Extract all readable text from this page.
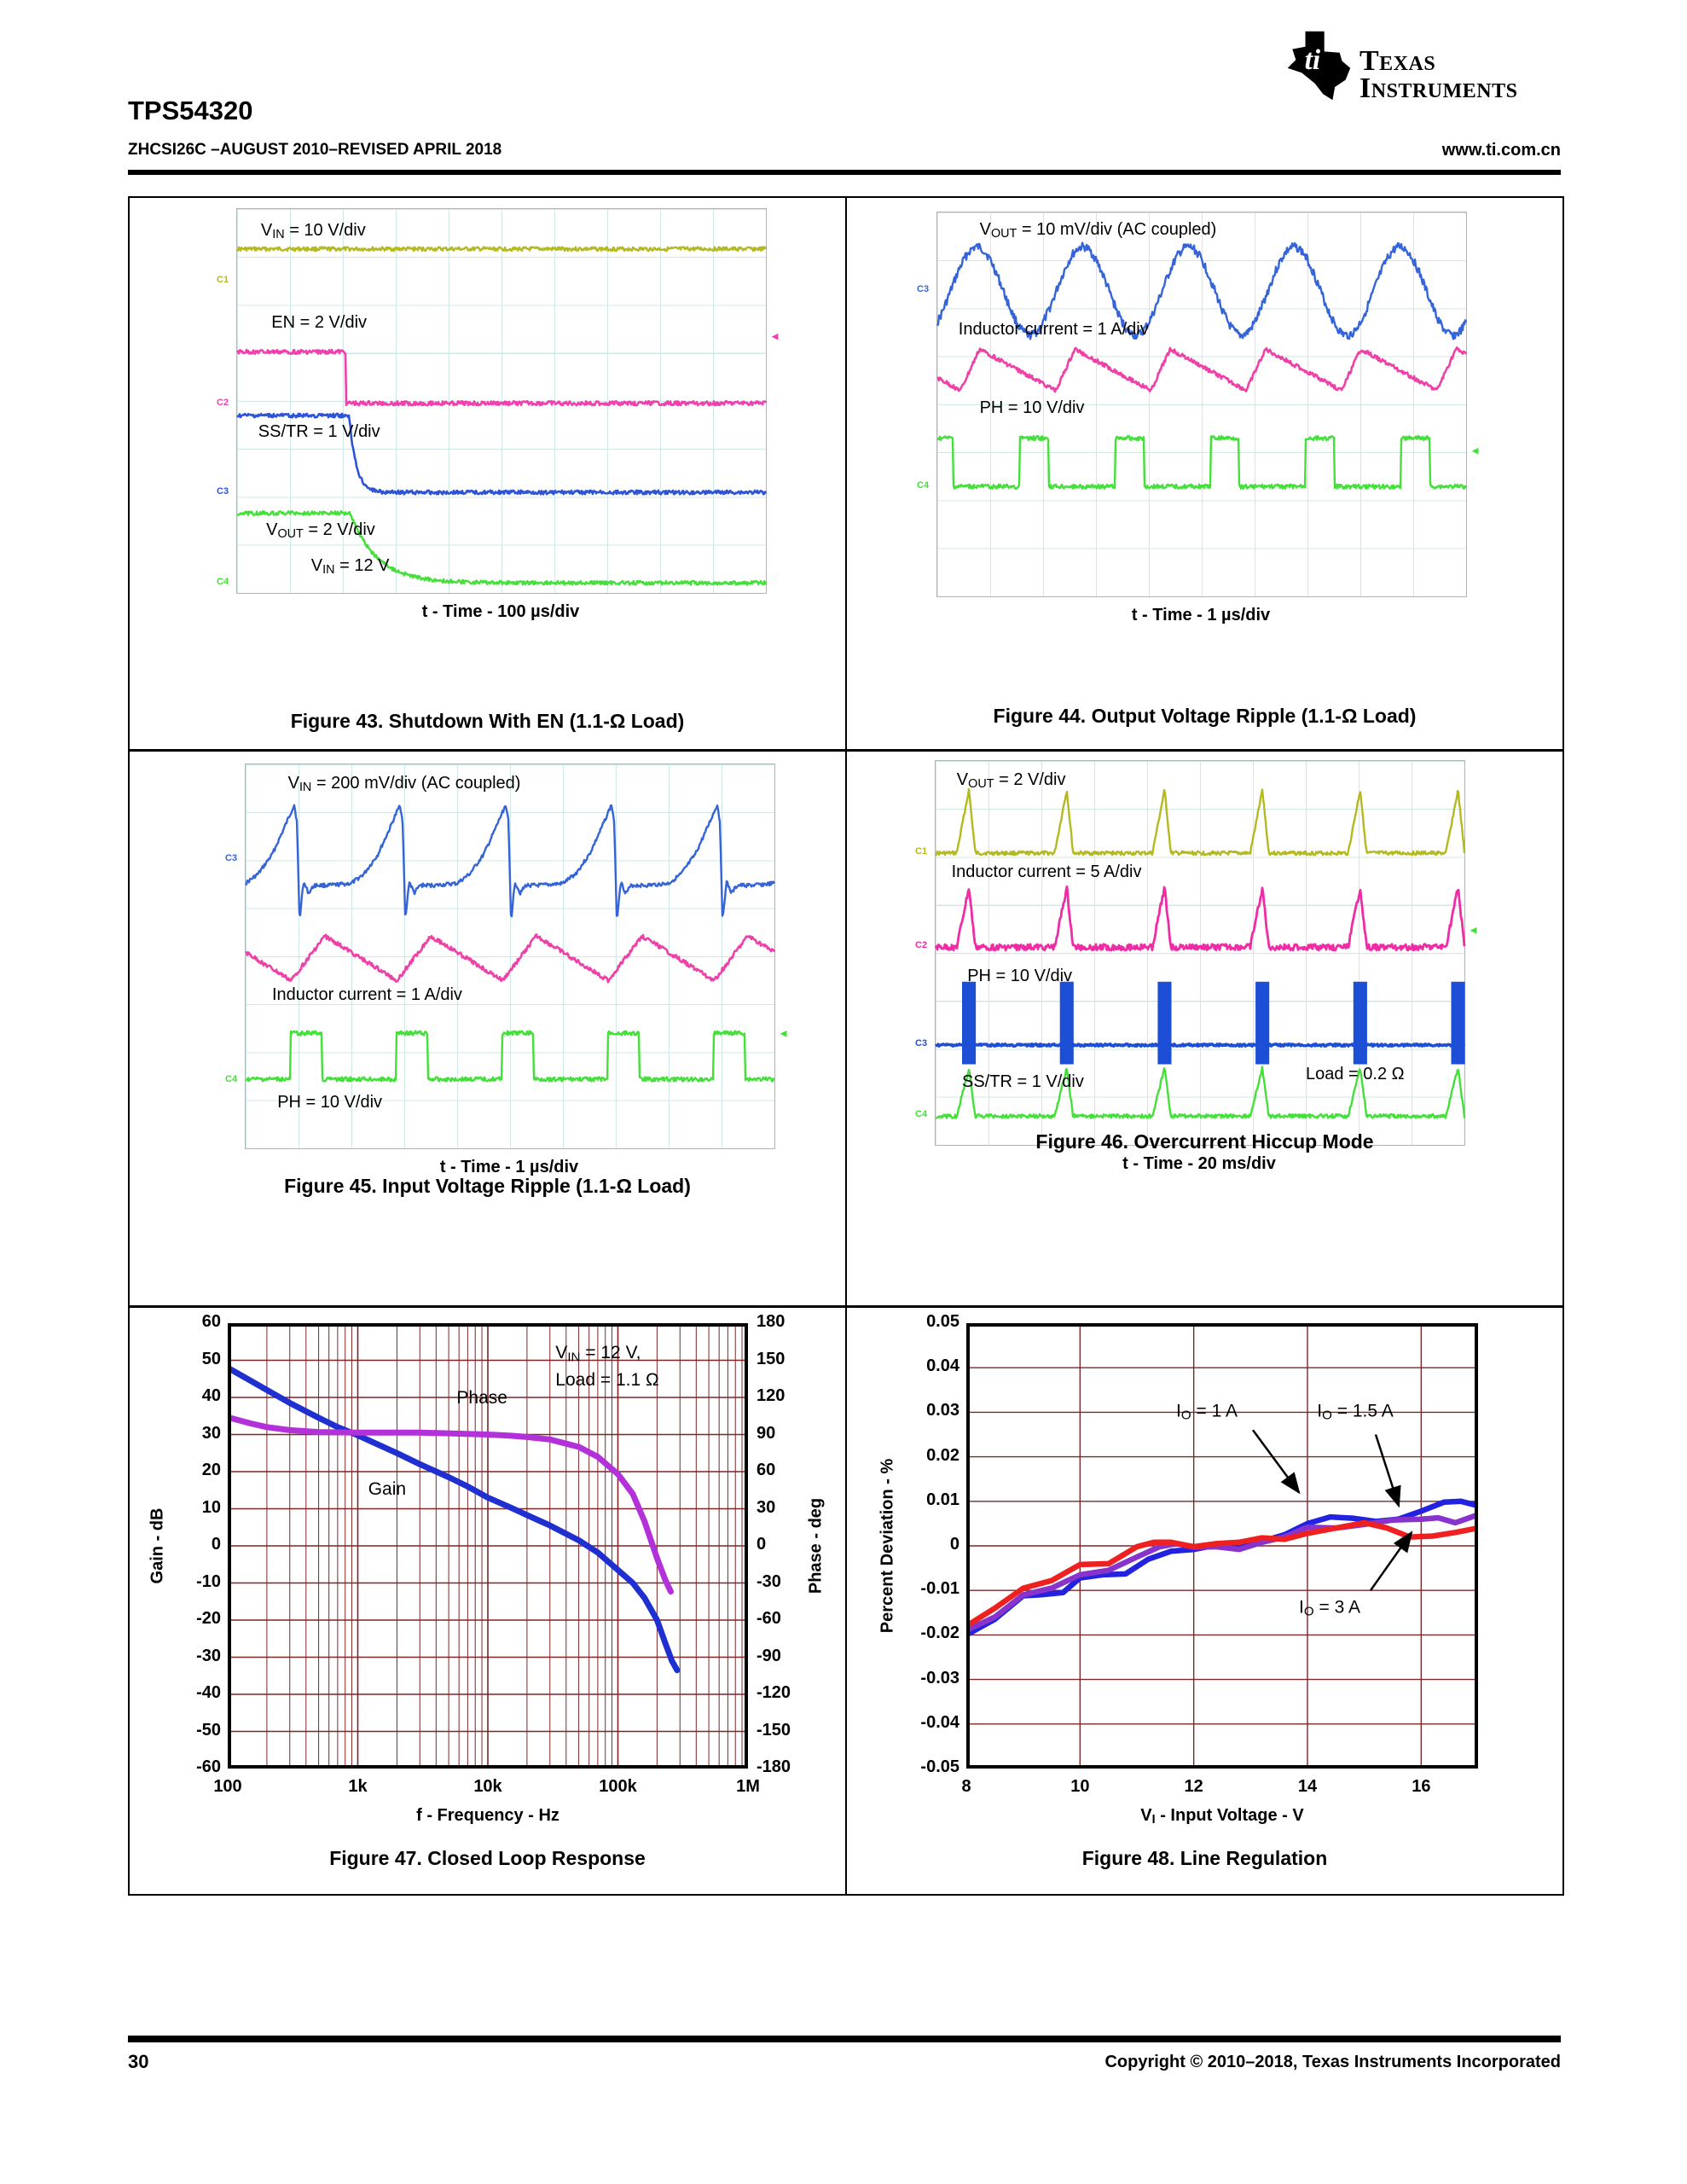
ti Texas
Instruments
TPS54320
ZHCSI26C –AUGUST 2010–REVISED APRIL 2018	www.ti.com.cn
$V_{IN} = 10$ V/div
EN = 2 V/div
SS/TR = 1 V/div
$V_{OUT} = 2$ V/div
$V_{IN} = 12$ V
C1
C2
C3
C4
◄
t - Time - 100 µs/div
Figure 43. Shutdown With EN (1.1-Ω Load)
$V_{OUT} = 10$ mV/div (AC coupled)
Inductor current = 1 A/div
PH = 10 V/div
C3
C4
◄
t - Time - 1 µs/div
Figure 44. Output Voltage Ripple (1.1-Ω Load)
$V_{IN} = 200$ mV/div (AC coupled)
Inductor current = 1 A/div
PH = 10 V/div
C3
C4
◄
t - Time - 1 µs/div
Figure 45. Input Voltage Ripple (1.1-Ω Load)
$V_{OUT} = 2$ V/div
Inductor current = 5 A/div
PH = 10 V/div
SS/TR = 1 V/div	Load = 0.2 Ω
C1
C2
C3
C4
◄
t - Time - 20 ms/div
Figure 46. Overcurrent Hiccup Mode
60
50
40
30
20
10
0
-10
-20
-30
-40
-50
-60
180
150
120
90
60
30
0
-30
-60
-90
-120
-150
-180
100	1k	10k	100k	1M
Gain - dB	Phase - deg
f - Frequency - Hz
$V_{IN} = 12$ V,
Load = 1.1 Ω
Phase
Gain
Figure 47. Closed Loop Response
0.05
0.04
0.03
0.02
0.01
0
-0.01
-0.02
-0.03
-0.04
-0.05
8	10	12	14	16
Percent Deviation - %
$V_I$ - Input Voltage - V
$I_O = 1$ A	$I_O = 1.5$ A
$I_O = 3$ A
Figure 48. Line Regulation
30	Copyright © 2010–2018, Texas Instruments Incorporated
